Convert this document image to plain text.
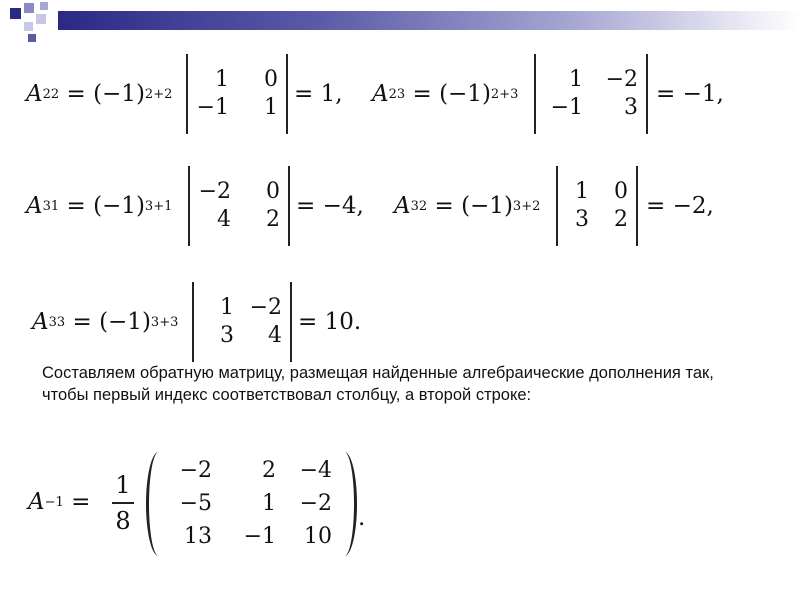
A 22
= (−1) 2+2
1	0
−1	1
= 1, A 23
= (−1) 2+3
1	−2
−1	3
= −1,
A 31
= (−1) 3+1
−2	0
4	2
= −4, A 32
= (−1) 3+2
1	0
3	2
= −2,
A 33
= (−1) 3+3
1 −2
3	4
= 10.
Составляем обратную матрицу, размещая найденные алгебраические дополнения так, чтобы первый индекс соответствовал столбцу, а второй строке:
A −1
=
1
8
−2	2	−4
−5	1	−2
13	−1	10
.
